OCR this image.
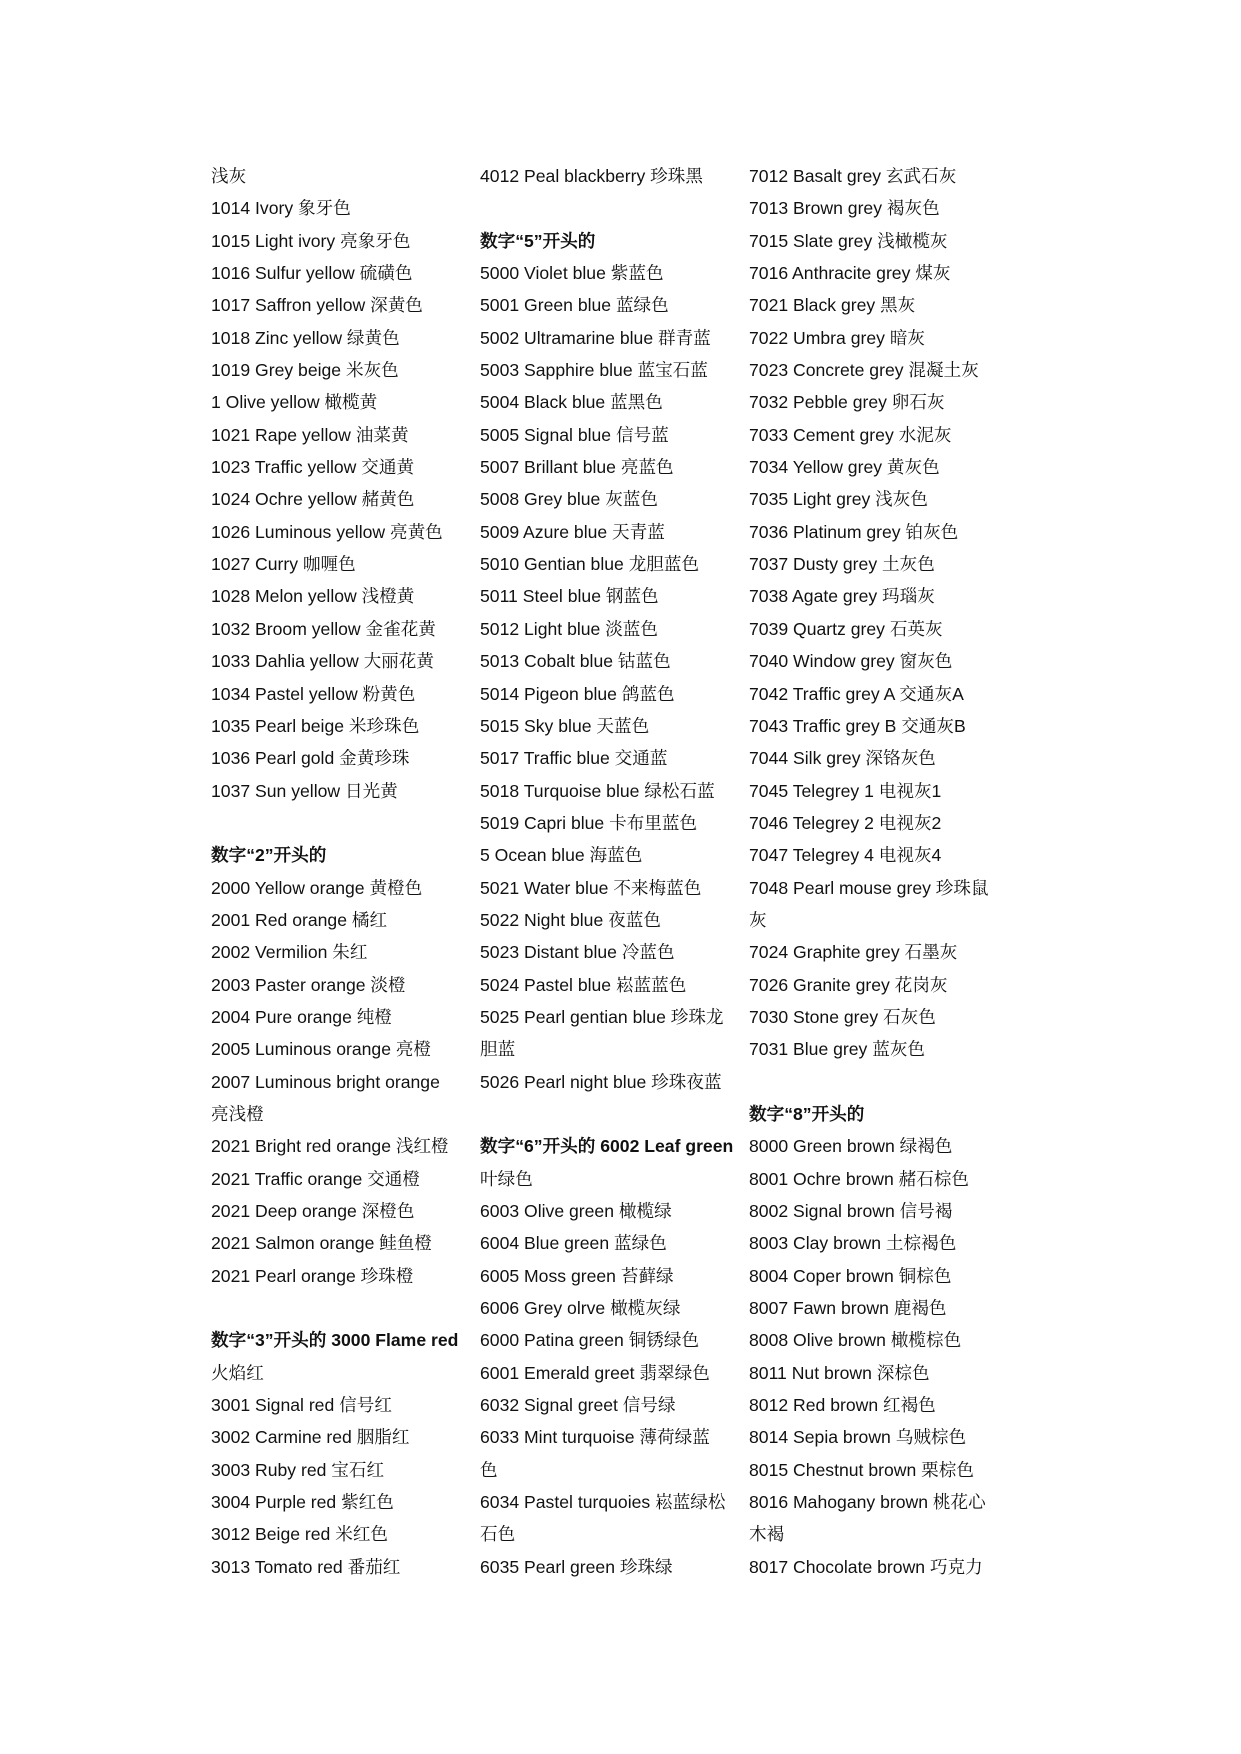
浅灰
1014 Ivory 象牙色
1015 Light ivory 亮象牙色
1016 Sulfur yellow 硫磺色
1017 Saffron yellow 深黄色
1018 Zinc yellow 绿黄色
1019 Grey beige 米灰色
1 Olive yellow 橄榄黄
1021 Rape yellow 油菜黄
1023 Traffic yellow 交通黄
1024 Ochre yellow 赭黄色
1026 Luminous yellow 亮黄色
1027 Curry 咖喱色
1028 Melon yellow 浅橙黄
1032 Broom yellow 金雀花黄
1033 Dahlia yellow 大丽花黄
1034 Pastel yellow 粉黄色
1035 Pearl beige 米珍珠色
1036 Pearl gold 金黄珍珠
1037 Sun yellow 日光黄
数字“2”开头的
2000 Yellow orange 黄橙色
2001 Red orange 橘红
2002 Vermilion 朱红
2003 Paster orange 淡橙
2004 Pure orange 纯橙
2005 Luminous orange 亮橙
2007 Luminous bright orange
亮浅橙
2021 Bright red orange 浅红橙
2021 Traffic orange 交通橙
2021 Deep orange 深橙色
2021 Salmon orange 鲑鱼橙
2021 Pearl orange 珍珠橙
数字“3”开头的 3000 Flame red
火焰红
3001 Signal red 信号红
3002 Carmine red 胭脂红
3003 Ruby red 宝石红
3004 Purple red 紫红色
3012 Beige red 米红色
3013 Tomato red 番茄红
4012 Peal blackberry 珍珠黑
数字“5”开头的
5000 Violet blue 紫蓝色
5001 Green blue 蓝绿色
5002 Ultramarine blue 群青蓝
5003 Sapphire blue 蓝宝石蓝
5004 Black blue 蓝黑色
5005 Signal blue 信号蓝
5007 Brillant blue 亮蓝色
5008 Grey blue 灰蓝色
5009 Azure blue 天青蓝
5010 Gentian blue 龙胆蓝色
5011 Steel blue 钢蓝色
5012 Light blue 淡蓝色
5013 Cobalt blue 钴蓝色
5014 Pigeon blue 鸽蓝色
5015 Sky blue 天蓝色
5017 Traffic blue 交通蓝
5018 Turquoise blue 绿松石蓝
5019 Capri blue 卡布里蓝色
5 Ocean blue 海蓝色
5021 Water blue 不来梅蓝色
5022 Night blue 夜蓝色
5023 Distant blue 冷蓝色
5024 Pastel blue 崧蓝蓝色
5025 Pearl gentian blue 珍珠龙
胆蓝
5026 Pearl night blue 珍珠夜蓝
数字“6”开头的 6002 Leaf green
叶绿色
6003 Olive green 橄榄绿
6004 Blue green 蓝绿色
6005 Moss green 苔藓绿
6006 Grey olrve 橄榄灰绿
6000 Patina green 铜锈绿色
6001 Emerald greet 翡翠绿色
6032 Signal greet 信号绿
6033 Mint turquoise 薄荷绿蓝
色
6034 Pastel turquoies 崧蓝绿松
石色
6035 Pearl green 珍珠绿
7012 Basalt grey 玄武石灰
7013 Brown grey 褐灰色
7015 Slate grey 浅橄榄灰
7016 Anthracite grey 煤灰
7021 Black grey 黑灰
7022 Umbra grey 暗灰
7023 Concrete grey 混凝土灰
7032 Pebble grey 卵石灰
7033 Cement grey 水泥灰
7034 Yellow grey 黄灰色
7035 Light grey 浅灰色
7036 Platinum grey 铂灰色
7037 Dusty grey 土灰色
7038 Agate grey 玛瑙灰
7039 Quartz grey 石英灰
7040 Window grey 窗灰色
7042 Traffic grey A 交通灰A
7043 Traffic grey B 交通灰B
7044 Silk grey 深铬灰色
7045 Telegrey 1 电视灰1
7046 Telegrey 2 电视灰2
7047 Telegrey 4 电视灰4
7048 Pearl mouse grey 珍珠鼠
灰
7024 Graphite grey 石墨灰
7026 Granite grey 花岗灰
7030 Stone grey 石灰色
7031 Blue grey 蓝灰色
数字“8”开头的
8000 Green brown 绿褐色
8001 Ochre brown 赭石棕色
8002 Signal brown 信号褐
8003 Clay brown 土棕褐色
8004 Coper brown 铜棕色
8007 Fawn brown 鹿褐色
8008 Olive brown 橄榄棕色
8011 Nut brown 深棕色
8012 Red brown 红褐色
8014 Sepia brown 乌贼棕色
8015 Chestnut brown 栗棕色
8016 Mahogany brown 桃花心
木褐
8017 Chocolate brown 巧克力
